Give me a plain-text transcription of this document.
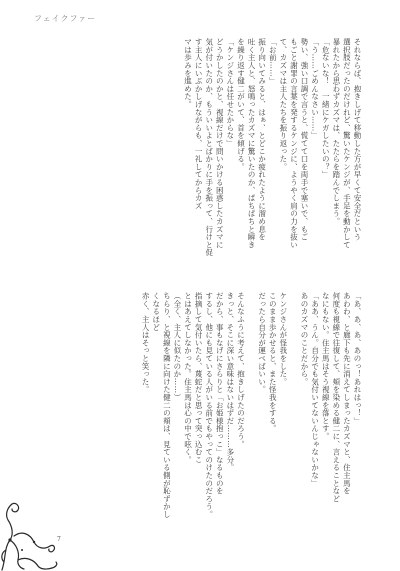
フェイクファー
それならば、抱きしげて移動した方が早くて安全だという
選択肢だったのだけれど、驚いたケンジが、手足を動かして
暴れたから思わずカズマは、たたらを踏んでしまう。
「危ないな！　一緒にケガしたいの？」
「う……ごめんなさい……」
勢い、強い口調で言うと、慌てて口を両手で塞いで、もご
もごと謝罪の言葉を発するケンジに、ようやく肩の力を抜い
て、カズマは主人たちを振り返った。
「お前……」
振り向いてみると、はぁ、とどこか疲れたように溜め息を
吐く主人と、怒鳴ったカズマに驚いたのか、ぱちぱちと瞬き
を繰り返す健二がいて、首を傾げる。
「ケンジさんは任せたからな」
どうかしたのかと、視線だけで問いかける困惑したカズマに
気が付いたのか、もういいよとばかりに手を振って、行けと促
す主人にいぶかしげながらも、一礼してからカズ
マは歩みを進めた。
「あ、あ、あ、あのっ！あれはっ！」
あわわ、と廊下も先に消えてしまったカズマと、住主馬を
何度も視線で往復して、頬を染める健二に、言えることなど
なにもない。住主馬はそう視線を落とす。
「ああ、うん。自分でも気付いてないんじゃないかな」
あのカズマのことだから。

ケンジさんが怪我をした。
このまま歩かせると、また怪我をする。
だったら自分が運べばいい。

そんなふうに考えて、抱きしげたのだろう。
きっと、そこに深い意味はないはずだ………多分。
だから、事もなげにさらりと「お姫様抱っこ」なるものを
するし、他にも見ている人がいる前でもやってのけたのだろう。
指摘して気付いたら、蔑蛇だと思って突っ込むこ
とはあえてしなかった。住主馬は心の中で呟く。
（全く、主人に似たのか……）
ちらり、と視線を隣に向けた健二の頬は、見ている側が恥ずかしくなるほど
赤く、主人はそっと笑った。
7
